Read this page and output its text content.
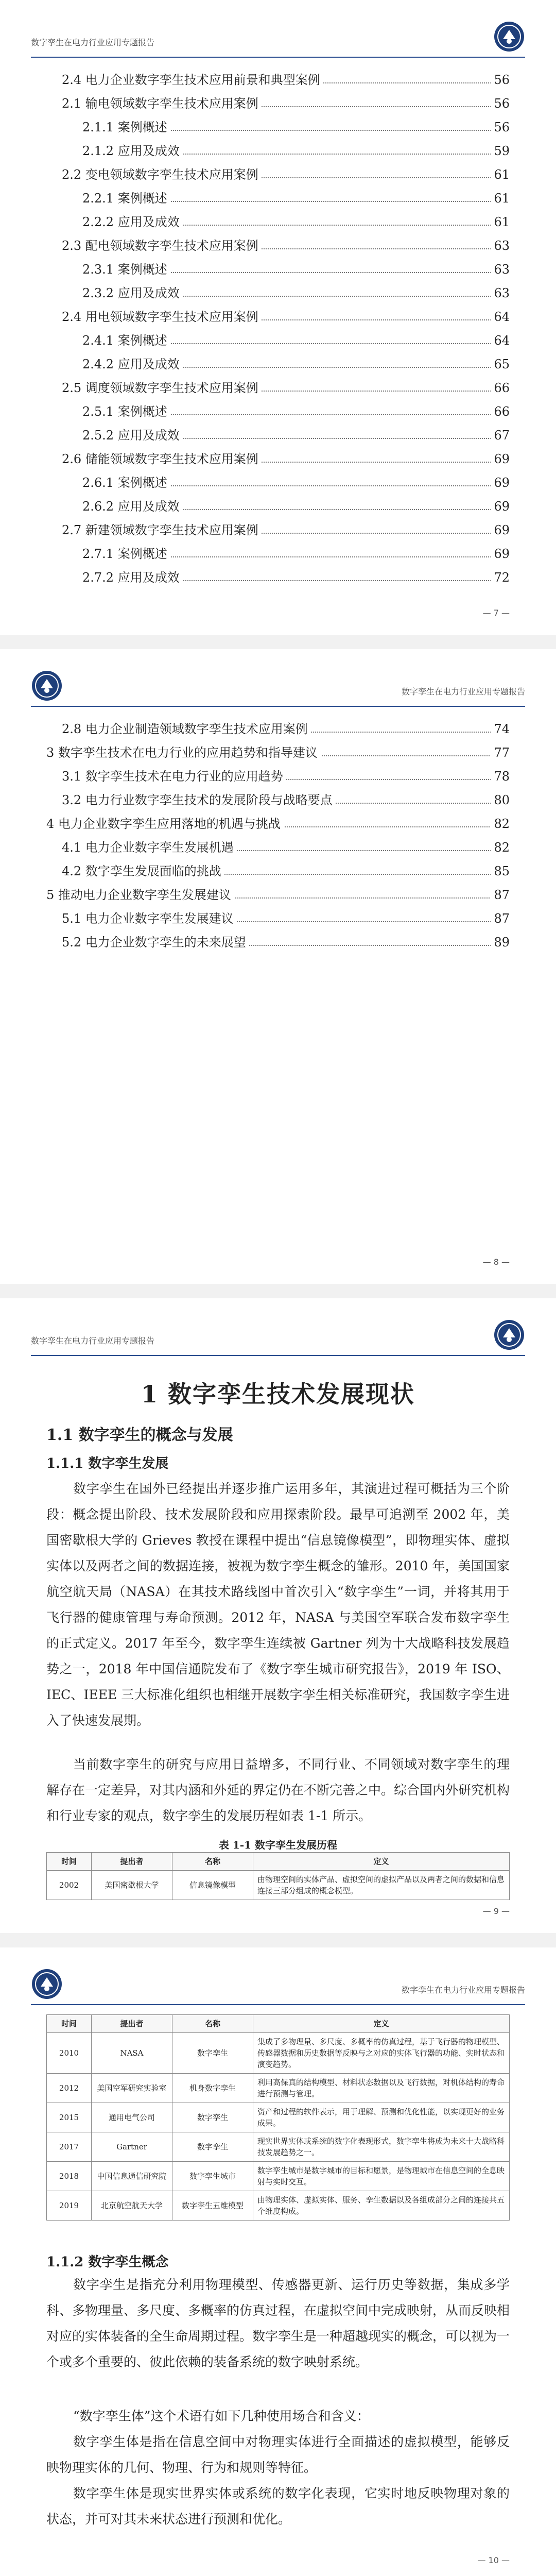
数字孪生在电力行业应用专题报告
2.4 电力企业数字孪生技术应用前景和典型案例	56
2.1 输电领域数字孪生技术应用案例	56
2.1.1 案例概述	56
2.1.2 应用及成效	59
2.2 变电领域数字孪生技术应用案例	61
2.2.1 案例概述	61
2.2.2 应用及成效	61
2.3 配电领域数字孪生技术应用案例	63
2.3.1 案例概述	63
2.3.2 应用及成效	63
2.4 用电领域数字孪生技术应用案例	64
2.4.1 案例概述	64
2.4.2 应用及成效	65
2.5 调度领域数字孪生技术应用案例	66
2.5.1 案例概述	66
2.5.2 应用及成效	67
2.6 储能领域数字孪生技术应用案例	69
2.6.1 案例概述	69
2.6.2 应用及成效	69
2.7 新建领域数字孪生技术应用案例	69
2.7.1 案例概述	69
2.7.2 应用及成效	72
— 7 —
数字孪生在电力行业应用专题报告
2.8 电力企业制造领域数字孪生技术应用案例	74
3 数字孪生技术在电力行业的应用趋势和指导建议	77
3.1 数字孪生技术在电力行业的应用趋势	78
3.2 电力行业数字孪生技术的发展阶段与战略要点	80
4 电力企业数字孪生应用落地的机遇与挑战	82
4.1 电力企业数字孪生发展机遇	82
4.2 数字孪生发展面临的挑战	85
5 推动电力企业数字孪生发展建议	87
5.1 电力企业数字孪生发展建议	87
5.2 电力企业数字孪生的未来展望	89
— 8 —
数字孪生在电力行业应用专题报告
1 数字孪生技术发展现状
1.1 数字孪生的概念与发展
1.1.1 数字孪生发展

数字孪生在国外已经提出并逐步推广运用多年，其演进过程可概括为三个阶段：概念提出阶段、技术发展阶段和应用探索阶段。最早可追溯至 2002 年，美国密歇根大学的 Grieves 教授在课程中提出“信息镜像模型”，即物理实体、虚拟实体以及两者之间的数据连接，被视为数字孪生概念的雏形。2010 年，美国国家航空航天局（NASA）在其技术路线图中首次引入“数字孪生”一词，并将其用于飞行器的健康管理与寿命预测。2012 年，NASA 与美国空军联合发布数字孪生的正式定义。2017 年至今，数字孪生连续被 Gartner 列为十大战略科技发展趋势之一，2018 年中国信通院发布了《数字孪生城市研究报告》，2019 年 ISO、IEC、IEEE 三大标准化组织也相继开展数字孪生相关标准研究，我国数字孪生进入了快速发展期。

当前数字孪生的研究与应用日益增多，不同行业、不同领域对数字孪生的理解存在一定差异，对其内涵和外延的界定仍在不断完善之中。综合国内外研究机构和行业专家的观点，数字孪生的发展历程如表 1-1 所示。

表 1-1 数字孪生发展历程
时间	提出者	名称	定义
2002	美国密歇根大学	信息镜像模型	由物理空间的实体产品、虚拟空间的虚拟产品以及两者之间的数据和信息连接三部分组成的概念模型。
— 9 —
数字孪生在电力行业应用专题报告
时间	提出者	名称	定义
2010	NASA	数字孪生	集成了多物理量、多尺度、多概率的仿真过程，基于飞行器的物理模型、传感器数据和历史数据等反映与之对应的实体飞行器的功能、实时状态和演变趋势。
2012	美国空军研究实验室	机身数字孪生	利用高保真的结构模型、材料状态数据以及飞行数据，对机体结构的寿命进行预测与管理。
2015	通用电气公司	数字孪生	资产和过程的软件表示，用于理解、预测和优化性能，以实现更好的业务成果。
2017	Gartner	数字孪生	现实世界实体或系统的数字化表现形式，数字孪生将成为未来十大战略科技发展趋势之一。
2018	中国信息通信研究院	数字孪生城市	数字孪生城市是数字城市的目标和愿景，是物理城市在信息空间的全息映射与实时交互。
2019	北京航空航天大学	数字孪生五维模型	由物理实体、虚拟实体、服务、孪生数据以及各组成部分之间的连接共五个维度构成。
1.1.2 数字孪生概念

数字孪生是指充分利用物理模型、传感器更新、运行历史等数据，集成多学科、多物理量、多尺度、多概率的仿真过程，在虚拟空间中完成映射，从而反映相对应的实体装备的全生命周期过程。数字孪生是一种超越现实的概念，可以视为一个或多个重要的、彼此依赖的装备系统的数字映射系统。

“数字孪生体”这个术语有如下几种使用场合和含义：

数字孪生体是指在信息空间中对物理实体进行全面描述的虚拟模型，能够反映物理实体的几何、物理、行为和规则等特征。

数字孪生体是现实世界实体或系统的数字化表现，它实时地反映物理对象的状态，并可对其未来状态进行预测和优化。

— 10 —
